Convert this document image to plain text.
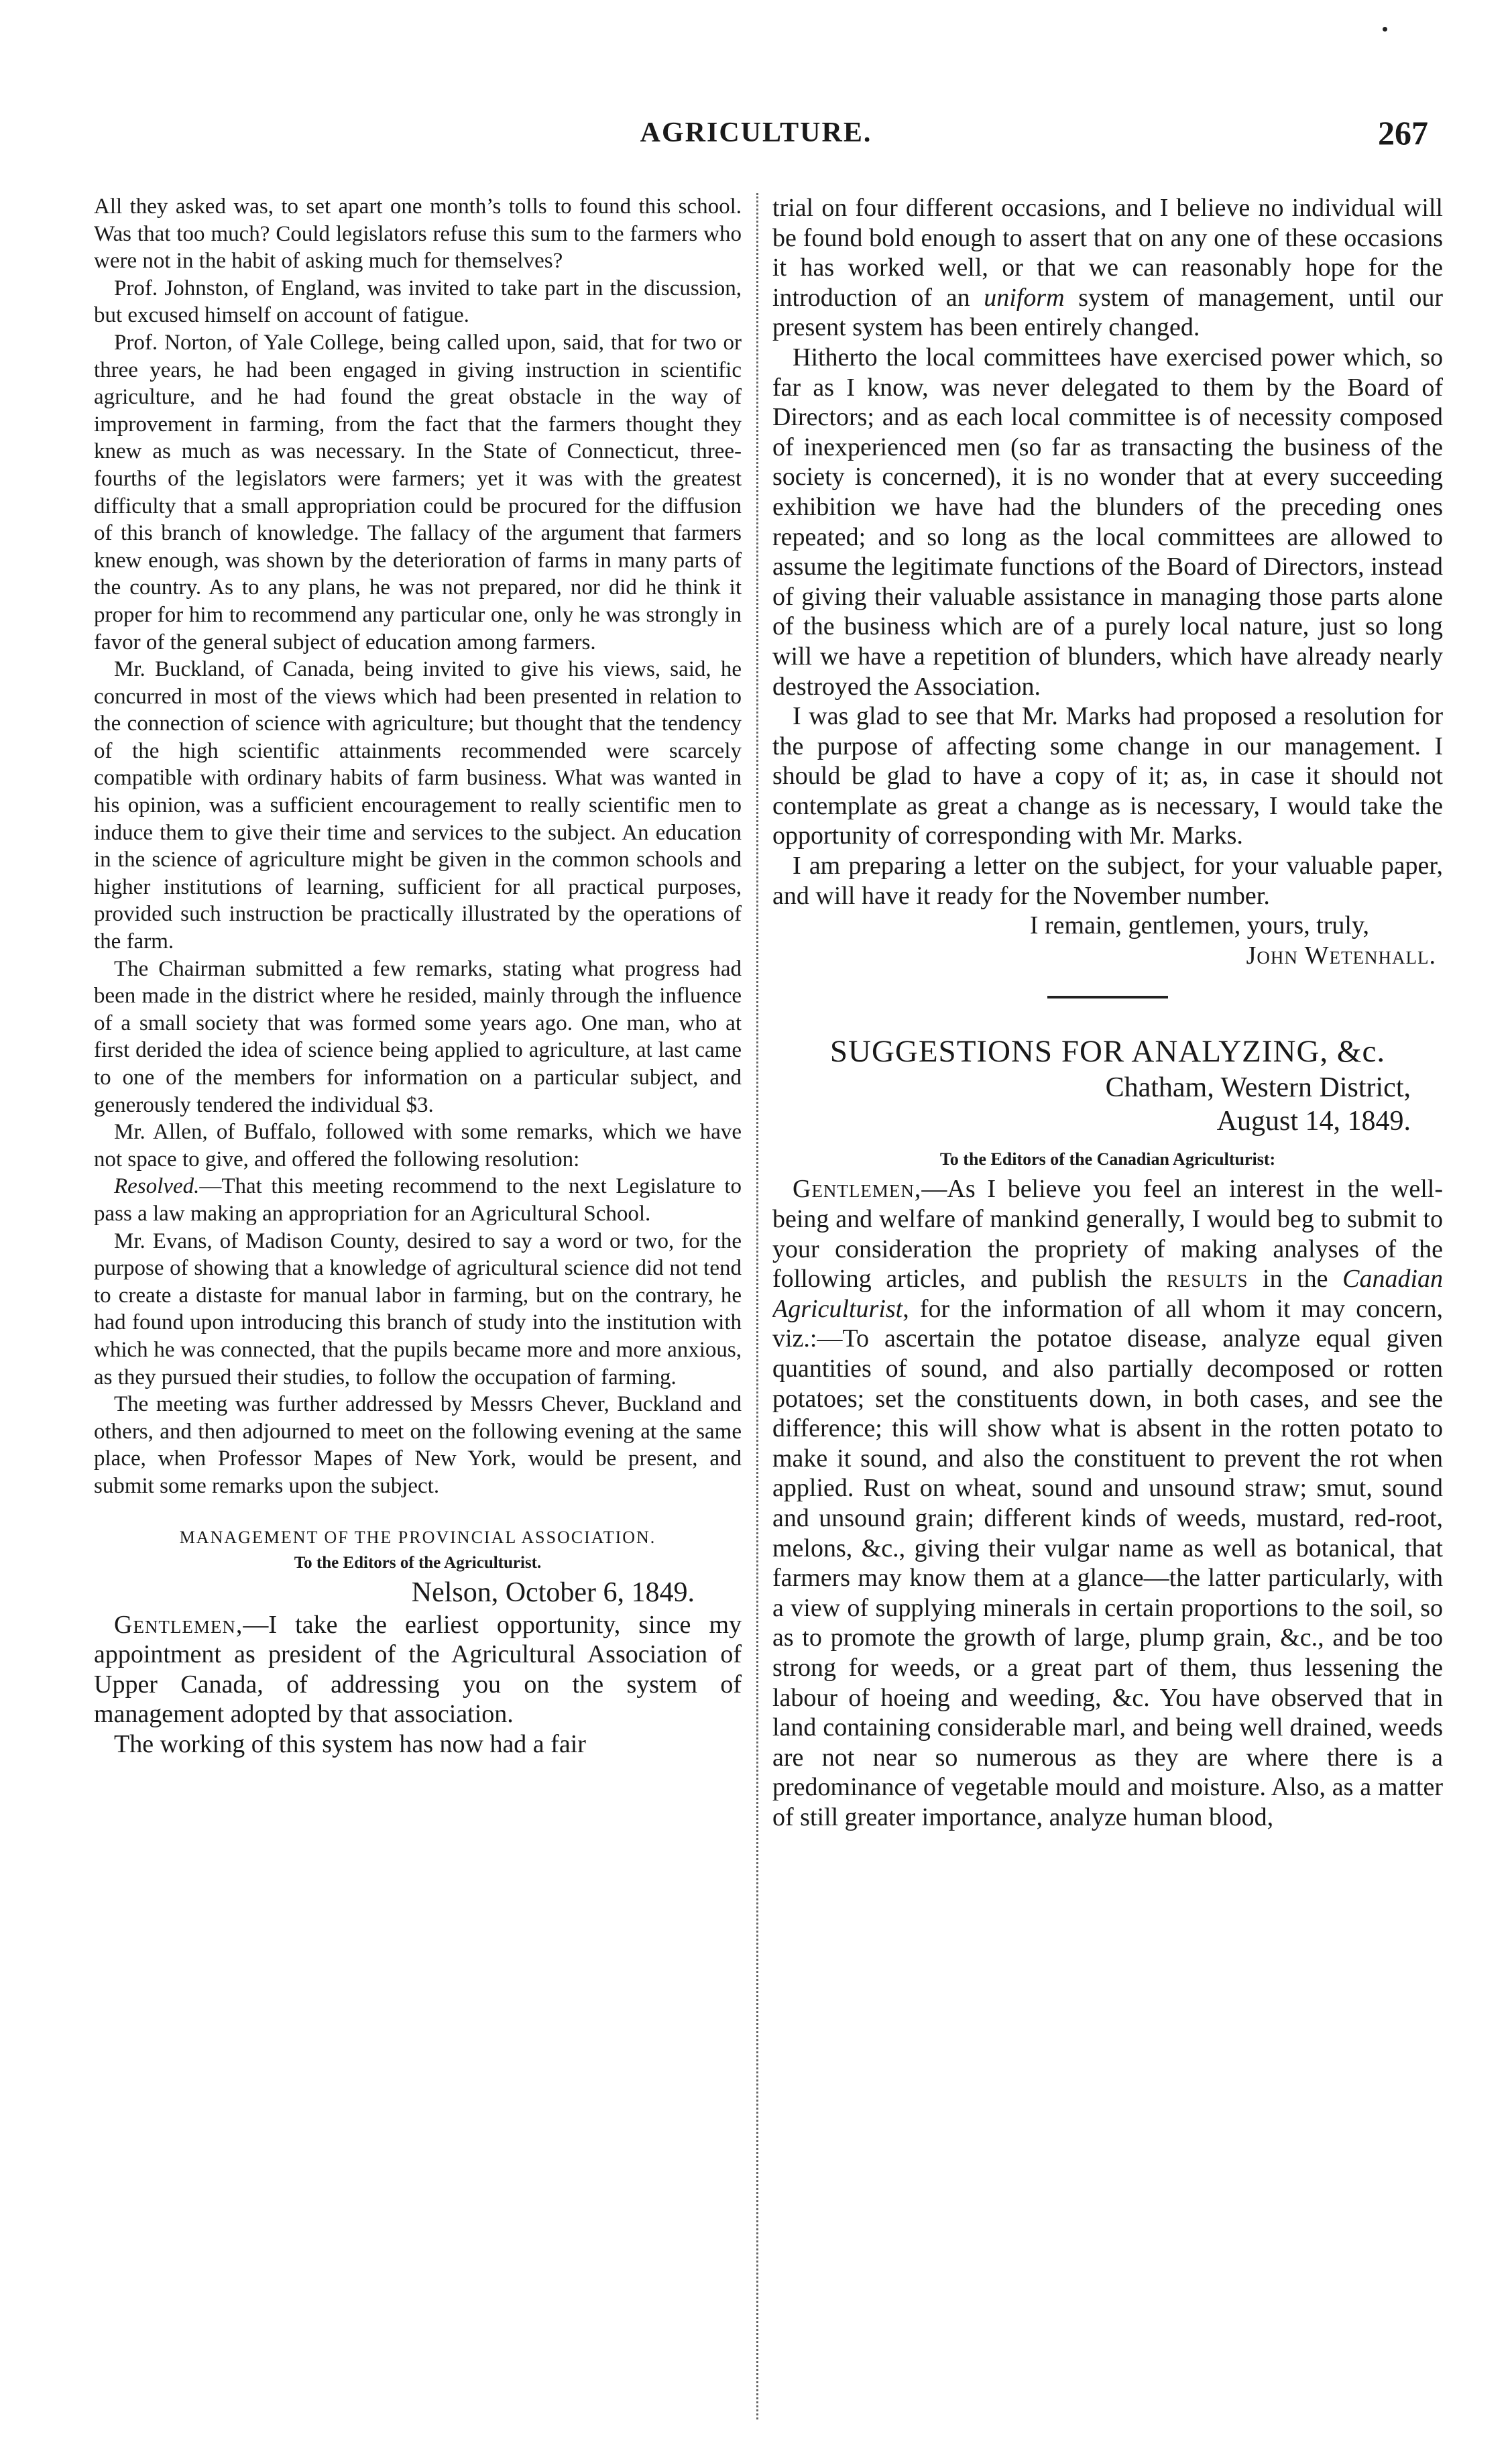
AGRICULTURE.	267

All they asked was, to set apart one month’s tolls to found this school. Was that too much? Could legislators refuse this sum to the farmers who were not in the habit of asking much for themselves?

Prof. Johnston, of England, was invited to take part in the discussion, but excused himself on account of fatigue.

Prof. Norton, of Yale College, being called upon, said, that for two or three years, he had been engaged in giving instruction in scientific agriculture, and he had found the great obstacle in the way of improvement in farming, from the fact that the farmers thought they knew as much as was necessary. In the State of Connecticut, three-fourths of the legislators were farmers; yet it was with the greatest difficulty that a small appropriation could be procured for the diffusion of this branch of knowledge. The fallacy of the argument that farmers knew enough, was shown by the deterioration of farms in many parts of the country. As to any plans, he was not prepared, nor did he think it proper for him to recommend any particular one, only he was strongly in favor of the general subject of education among farmers.

Mr. Buckland, of Canada, being invited to give his views, said, he concurred in most of the views which had been presented in relation to the connection of science with agriculture; but thought that the tendency of the high scientific attainments recommended were scarcely compatible with ordinary habits of farm business. What was wanted in his opinion, was a sufficient encouragement to really scientific men to induce them to give their time and services to the subject. An education in the science of agriculture might be given in the common schools and higher institutions of learning, sufficient for all practical purposes, provided such instruction be practically illustrated by the operations of the farm.

The Chairman submitted a few remarks, stating what progress had been made in the district where he resided, mainly through the influence of a small society that was formed some years ago. One man, who at first derided the idea of science being applied to agriculture, at last came to one of the members for information on a particular subject, and generously tendered the individual $3.

Mr. Allen, of Buffalo, followed with some remarks, which we have not space to give, and offered the following resolution:

Resolved.—That this meeting recommend to the next Legislature to pass a law making an appropriation for an Agricultural School.

Mr. Evans, of Madison County, desired to say a word or two, for the purpose of showing that a knowledge of agricultural science did not tend to create a distaste for manual labor in farming, but on the contrary, he had found upon introducing this branch of study into the institution with which he was connected, that the pupils became more and more anxious, as they pursued their studies, to follow the occupation of farming.

The meeting was further addressed by Messrs Chever, Buckland and others, and then adjourned to meet on the following evening at the same place, when Professor Mapes of New York, would be present, and submit some remarks upon the subject.

MANAGEMENT OF THE PROVINCIAL ASSOCIATION.

To the Editors of the Agriculturist.

Nelson, October 6, 1849.

Gentlemen,—I take the earliest opportunity, since my appointment as president of the Agricultural Association of Upper Canada, of addressing you on the system of management adopted by that association.

The working of this system has now had a fair

trial on four different occasions, and I believe no individual will be found bold enough to assert that on any one of these occasions it has worked well, or that we can reasonably hope for the introduction of an uniform system of management, until our present system has been entirely changed.

Hitherto the local committees have exercised power which, so far as I know, was never delegated to them by the Board of Directors; and as each local committee is of necessity composed of inexperienced men (so far as transacting the business of the society is concerned), it is no wonder that at every succeeding exhibition we have had the blunders of the preceding ones repeated; and so long as the local committees are allowed to assume the legitimate functions of the Board of Directors, instead of giving their valuable assistance in managing those parts alone of the business which are of a purely local nature, just so long will we have a repetition of blunders, which have already nearly destroyed the Association.

I was glad to see that Mr. Marks had proposed a resolution for the purpose of affecting some change in our management. I should be glad to have a copy of it; as, in case it should not contemplate as great a change as is necessary, I would take the opportunity of corresponding with Mr. Marks.

I am preparing a letter on the subject, for your valuable paper, and will have it ready for the November number.

I remain, gentlemen, yours, truly,

John Wetenhall.

SUGGESTIONS FOR ANALYZING, &c.

Chatham, Western District,

August 14, 1849.

To the Editors of the Canadian Agriculturist:

Gentlemen,—As I believe you feel an interest in the well-being and welfare of mankind generally, I would beg to submit to your consideration the propriety of making analyses of the following articles, and publish the results in the Canadian Agriculturist, for the information of all whom it may concern, viz.:—To ascertain the potatoe disease, analyze equal given quantities of sound, and also partially decomposed or rotten potatoes; set the constituents down, in both cases, and see the difference; this will show what is absent in the rotten potato to make it sound, and also the constituent to prevent the rot when applied. Rust on wheat, sound and unsound straw; smut, sound and unsound grain; different kinds of weeds, mustard, red-root, melons, &c., giving their vulgar name as well as botanical, that farmers may know them at a glance—the latter particularly, with a view of supplying minerals in certain proportions to the soil, so as to promote the growth of large, plump grain, &c., and be too strong for weeds, or a great part of them, thus lessening the labour of hoeing and weeding, &c. You have observed that in land containing considerable marl, and being well drained, weeds are not near so numerous as they are where there is a predominance of vegetable mould and moisture. Also, as a matter of still greater importance, analyze human blood,
